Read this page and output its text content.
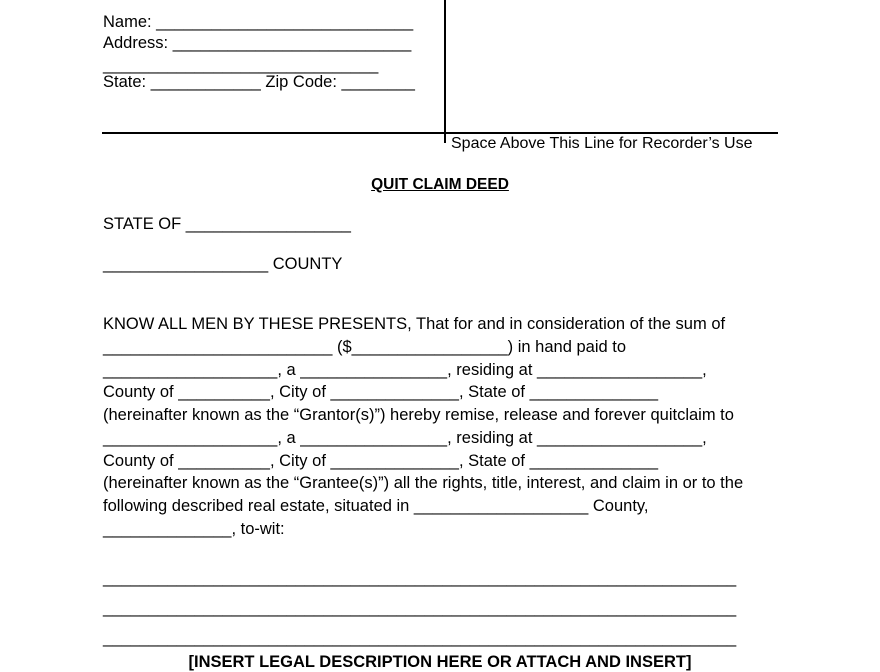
Name: ____________________________
Address: __________________________
______________________________
State: ____________ Zip Code: ________
Space Above This Line for Recorder’s Use
QUIT CLAIM DEED
STATE OF __________________
__________________ COUNTY
KNOW ALL MEN BY THESE PRESENTS, That for and in consideration of the sum of
_________________________ ($_________________) in hand paid to
___________________, a ________________, residing at __________________,
County of __________, City of ______________, State of ______________
(hereinafter known as the “Grantor(s)”) hereby remise, release and forever quitclaim to
___________________, a ________________, residing at __________________,
County of __________, City of ______________, State of ______________
(hereinafter known as the “Grantee(s)”) all the rights, title, interest, and claim in or to the
following described real estate, situated in ___________________ County,
______________, to-wit:
_____________________________________________________________________
_____________________________________________________________________
_____________________________________________________________________
[INSERT LEGAL DESCRIPTION HERE OR ATTACH AND INSERT]
